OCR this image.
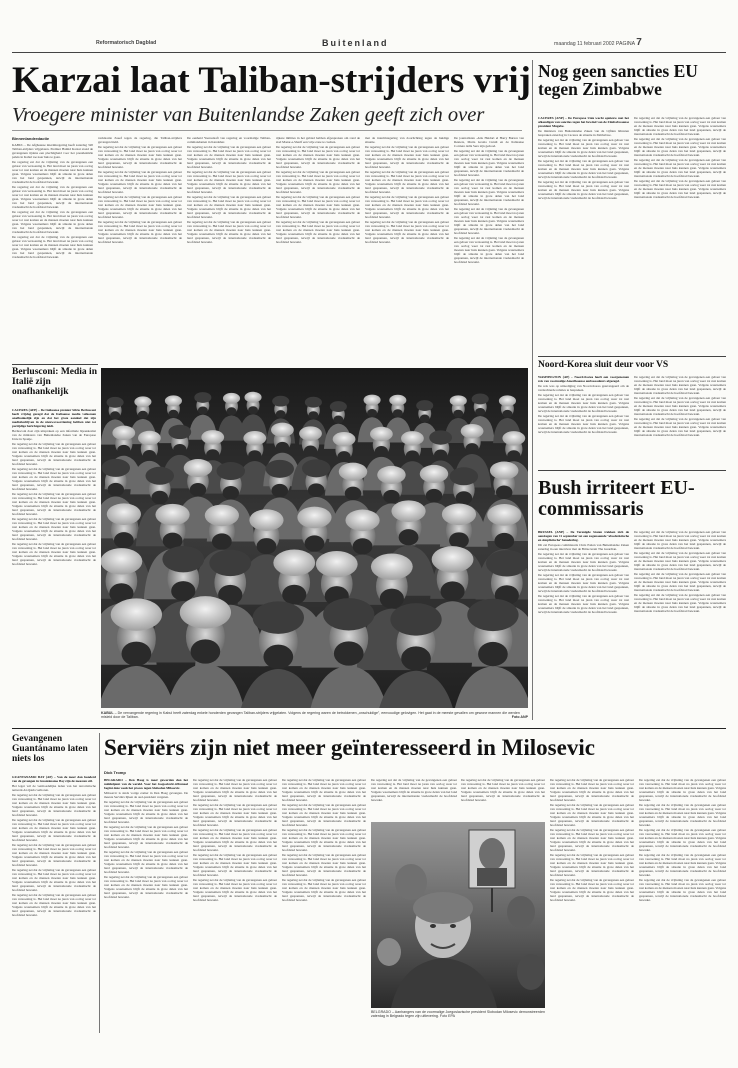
Reformatorisch Dagblad	Buitenland	maandag 11 februari 2002 PAGINA 7
Karzai laat Taliban-strijders vrij
Vroegere minister van Buitenlandse Zaken geeft zich over
Binnenlandredactie

KABUL – De Afghaanse interimregering heeft zaterdag 320 Taliban-strijders vrijgelaten. Premier Hamid Karzai stond de gevangenen tijdens een plechtigheid voor het presidentiële paleis in Kabul toe naar huis te gaan.

De regering zei dat de vrijlating van de gevangenen een gebaar van verzoening is. Het land moet na jaren van oorlog weer tot rust komen en de mensen moeten naar huis kunnen gaan. Volgens waarnemers blijft de situatie in grote delen van het land gespannen, terwijl de internationale vredesmacht de hoofdstad bewaakt.

De regering zei dat de vrijlating van de gevangenen een gebaar van verzoening is. Het land moet na jaren van oorlog weer tot rust komen en de mensen moeten naar huis kunnen gaan. Volgens waarnemers blijft de situatie in grote delen van het land gespannen, terwijl de internationale vredesmacht de hoofdstad bewaakt.

De regering zei dat de vrijlating van de gevangenen een gebaar van verzoening is. Het land moet na jaren van oorlog weer tot rust komen en de mensen moeten naar huis kunnen gaan. Volgens waarnemers blijft de situatie in grote delen van het land gespannen, terwijl de internationale vredesmacht de hoofdstad bewaakt.

De regering zei dat de vrijlating van de gevangenen een gebaar van verzoening is. Het land moet na jaren van oorlog weer tot rust komen en de mensen moeten naar huis kunnen gaan. Volgens waarnemers blijft de situatie in grote delen van het land gespannen, terwijl de internationale vredesmacht de hoofdstad bewaakt.

verklaarde Zaeef tegen de regering, die Taliban-strijders gevangen hield.

De regering zei dat de vrijlating van de gevangenen een gebaar van verzoening is. Het land moet na jaren van oorlog weer tot rust komen en de mensen moeten naar huis kunnen gaan. Volgens waarnemers blijft de situatie in grote delen van het land gespannen, terwijl de internationale vredesmacht de hoofdstad bewaakt.

De regering zei dat de vrijlating van de gevangenen een gebaar van verzoening is. Het land moet na jaren van oorlog weer tot rust komen en de mensen moeten naar huis kunnen gaan. Volgens waarnemers blijft de situatie in grote delen van het land gespannen, terwijl de internationale vredesmacht de hoofdstad bewaakt.

De regering zei dat de vrijlating van de gevangenen een gebaar van verzoening is. Het land moet na jaren van oorlog weer tot rust komen en de mensen moeten naar huis kunnen gaan. Volgens waarnemers blijft de situatie in grote delen van het land gespannen, terwijl de internationale vredesmacht de hoofdstad bewaakt.

De regering zei dat de vrijlating van de gevangenen een gebaar van verzoening is. Het land moet na jaren van oorlog weer tot rust komen en de mensen moeten naar huis kunnen gaan. Volgens waarnemers blijft de situatie in grote delen van het land gespannen, terwijl de internationale vredesmacht de hoofdstad bewaakt.

De eenheid Yaarsalaaft van regering en voormalige Taliban-commandanten in Kandahar.

De regering zei dat de vrijlating van de gevangenen een gebaar van verzoening is. Het land moet na jaren van oorlog weer tot rust komen en de mensen moeten naar huis kunnen gaan. Volgens waarnemers blijft de situatie in grote delen van het land gespannen, terwijl de internationale vredesmacht de hoofdstad bewaakt.

De regering zei dat de vrijlating van de gevangenen een gebaar van verzoening is. Het land moet na jaren van oorlog weer tot rust komen en de mensen moeten naar huis kunnen gaan. Volgens waarnemers blijft de situatie in grote delen van het land gespannen, terwijl de internationale vredesmacht de hoofdstad bewaakt.

De regering zei dat de vrijlating van de gevangenen een gebaar van verzoening is. Het land moet na jaren van oorlog weer tot rust komen en de mensen moeten naar huis kunnen gaan. Volgens waarnemers blijft de situatie in grote delen van het land gespannen, terwijl de internationale vredesmacht de hoofdstad bewaakt.

De regering zei dat de vrijlating van de gevangenen een gebaar van verzoening is. Het land moet na jaren van oorlog weer tot rust komen en de mensen moeten naar huis kunnen gaan. Volgens waarnemers blijft de situatie in grote delen van het land gespannen, terwijl de internationale vredesmacht de hoofdstad bewaakt.

rijkere milities in het gebied hebben afgesproken om rond de stad Mazar-e-Sharif een vrije zone te creëren.

De regering zei dat de vrijlating van de gevangenen een gebaar van verzoening is. Het land moet na jaren van oorlog weer tot rust komen en de mensen moeten naar huis kunnen gaan. Volgens waarnemers blijft de situatie in grote delen van het land gespannen, terwijl de internationale vredesmacht de hoofdstad bewaakt.

De regering zei dat de vrijlating van de gevangenen een gebaar van verzoening is. Het land moet na jaren van oorlog weer tot rust komen en de mensen moeten naar huis kunnen gaan. Volgens waarnemers blijft de situatie in grote delen van het land gespannen, terwijl de internationale vredesmacht de hoofdstad bewaakt.

De regering zei dat de vrijlating van de gevangenen een gebaar van verzoening is. Het land moet na jaren van oorlog weer tot rust komen en de mensen moeten naar huis kunnen gaan. Volgens waarnemers blijft de situatie in grote delen van het land gespannen, terwijl de internationale vredesmacht de hoofdstad bewaakt.

De regering zei dat de vrijlating van de gevangenen een gebaar van verzoening is. Het land moet na jaren van oorlog weer tot rust komen en de mensen moeten naar huis kunnen gaan. Volgens waarnemers blijft de situatie in grote delen van het land gespannen, terwijl de internationale vredesmacht de hoofdstad bewaakt.

met de interimregering van doorlichting tegen de huidige situatie.

De regering zei dat de vrijlating van de gevangenen een gebaar van verzoening is. Het land moet na jaren van oorlog weer tot rust komen en de mensen moeten naar huis kunnen gaan. Volgens waarnemers blijft de situatie in grote delen van het land gespannen, terwijl de internationale vredesmacht de hoofdstad bewaakt.

De regering zei dat de vrijlating van de gevangenen een gebaar van verzoening is. Het land moet na jaren van oorlog weer tot rust komen en de mensen moeten naar huis kunnen gaan. Volgens waarnemers blijft de situatie in grote delen van het land gespannen, terwijl de internationale vredesmacht de hoofdstad bewaakt.

De regering zei dat de vrijlating van de gevangenen een gebaar van verzoening is. Het land moet na jaren van oorlog weer tot rust komen en de mensen moeten naar huis kunnen gaan. Volgens waarnemers blijft de situatie in grote delen van het land gespannen, terwijl de internationale vredesmacht de hoofdstad bewaakt.

De regering zei dat de vrijlating van de gevangenen een gebaar van verzoening is. Het land moet na jaren van oorlog weer tot rust komen en de mensen moeten naar huis kunnen gaan. Volgens waarnemers blijft de situatie in grote delen van het land gespannen, terwijl de internationale vredesmacht de hoofdstad bewaakt.

De journalisten -Attu Haidari el Harry Burton van Reuters, Maria Grazia Cutuli en de Italiaanse Corriere della Sera zijn gedood.

De regering zei dat de vrijlating van de gevangenen een gebaar van verzoening is. Het land moet na jaren van oorlog weer tot rust komen en de mensen moeten naar huis kunnen gaan. Volgens waarnemers blijft de situatie in grote delen van het land gespannen, terwijl de internationale vredesmacht de hoofdstad bewaakt.

De regering zei dat de vrijlating van de gevangenen een gebaar van verzoening is. Het land moet na jaren van oorlog weer tot rust komen en de mensen moeten naar huis kunnen gaan. Volgens waarnemers blijft de situatie in grote delen van het land gespannen, terwijl de internationale vredesmacht de hoofdstad bewaakt.

De regering zei dat de vrijlating van de gevangenen een gebaar van verzoening is. Het land moet na jaren van oorlog weer tot rust komen en de mensen moeten naar huis kunnen gaan. Volgens waarnemers blijft de situatie in grote delen van het land gespannen, terwijl de internationale vredesmacht de hoofdstad bewaakt.

De regering zei dat de vrijlating van de gevangenen een gebaar van verzoening is. Het land moet na jaren van oorlog weer tot rust komen en de mensen moeten naar huis kunnen gaan. Volgens waarnemers blijft de situatie in grote delen van het land gespannen, terwijl de internationale vredesmacht de hoofdstad bewaakt.

Nog geen sancties EU tegen Zimbabwe

CACERES (ANP) – De Europese Unie wacht opnieuw met het afkondigen van sancties tegen het bewind van de Zimbabwaanse president Mugabe.

De ministers van Buitenlandse Zaken van de vijftien lidstaten bespraken zaterdag in Caceres de situatie in Zimbabwe.

De regering zei dat de vrijlating van de gevangenen een gebaar van verzoening is. Het land moet na jaren van oorlog weer tot rust komen en de mensen moeten naar huis kunnen gaan. Volgens waarnemers blijft de situatie in grote delen van het land gespannen, terwijl de internationale vredesmacht de hoofdstad bewaakt.

De regering zei dat de vrijlating van de gevangenen een gebaar van verzoening is. Het land moet na jaren van oorlog weer tot rust komen en de mensen moeten naar huis kunnen gaan. Volgens waarnemers blijft de situatie in grote delen van het land gespannen, terwijl de internationale vredesmacht de hoofdstad bewaakt.

De regering zei dat de vrijlating van de gevangenen een gebaar van verzoening is. Het land moet na jaren van oorlog weer tot rust komen en de mensen moeten naar huis kunnen gaan. Volgens waarnemers blijft de situatie in grote delen van het land gespannen, terwijl de internationale vredesmacht de hoofdstad bewaakt.

De regering zei dat de vrijlating van de gevangenen een gebaar van verzoening is. Het land moet na jaren van oorlog weer tot rust komen en de mensen moeten naar huis kunnen gaan. Volgens waarnemers blijft de situatie in grote delen van het land gespannen, terwijl de internationale vredesmacht de hoofdstad bewaakt.

De regering zei dat de vrijlating van de gevangenen een gebaar van verzoening is. Het land moet na jaren van oorlog weer tot rust komen en de mensen moeten naar huis kunnen gaan. Volgens waarnemers blijft de situatie in grote delen van het land gespannen, terwijl de internationale vredesmacht de hoofdstad bewaakt.

De regering zei dat de vrijlating van de gevangenen een gebaar van verzoening is. Het land moet na jaren van oorlog weer tot rust komen en de mensen moeten naar huis kunnen gaan. Volgens waarnemers blijft de situatie in grote delen van het land gespannen, terwijl de internationale vredesmacht de hoofdstad bewaakt.

De regering zei dat de vrijlating van de gevangenen een gebaar van verzoening is. Het land moet na jaren van oorlog weer tot rust komen en de mensen moeten naar huis kunnen gaan. Volgens waarnemers blijft de situatie in grote delen van het land gespannen, terwijl de internationale vredesmacht de hoofdstad bewaakt.

Noord-Korea sluit deur voor VS

WASHINGTON (AP) – Noord-Korea heeft een voorgenomen reis van voormalige Amerikaanse ambassadeurs afgezegd.

De reis was op uitnodiging van Noord-Korea gearrangeerd om de verslechterde relaties te bespreken.

De regering zei dat de vrijlating van de gevangenen een gebaar van verzoening is. Het land moet na jaren van oorlog weer tot rust komen en de mensen moeten naar huis kunnen gaan. Volgens waarnemers blijft de situatie in grote delen van het land gespannen, terwijl de internationale vredesmacht de hoofdstad bewaakt.

De regering zei dat de vrijlating van de gevangenen een gebaar van verzoening is. Het land moet na jaren van oorlog weer tot rust komen en de mensen moeten naar huis kunnen gaan. Volgens waarnemers blijft de situatie in grote delen van het land gespannen, terwijl de internationale vredesmacht de hoofdstad bewaakt.

De regering zei dat de vrijlating van de gevangenen een gebaar van verzoening is. Het land moet na jaren van oorlog weer tot rust komen en de mensen moeten naar huis kunnen gaan. Volgens waarnemers blijft de situatie in grote delen van het land gespannen, terwijl de internationale vredesmacht de hoofdstad bewaakt.

De regering zei dat de vrijlating van de gevangenen een gebaar van verzoening is. Het land moet na jaren van oorlog weer tot rust komen en de mensen moeten naar huis kunnen gaan. Volgens waarnemers blijft de situatie in grote delen van het land gespannen, terwijl de internationale vredesmacht de hoofdstad bewaakt.

De regering zei dat de vrijlating van de gevangenen een gebaar van verzoening is. Het land moet na jaren van oorlog weer tot rust komen en de mensen moeten naar huis kunnen gaan. Volgens waarnemers blijft de situatie in grote delen van het land gespannen, terwijl de internationale vredesmacht de hoofdstad bewaakt.

Bush irriteert EU-commissaris

BRUSSEL (ANP) – De Verenigde Staten trekken zich de aanslagen van 11 september tot een zogenaamde ‘absolutistische en simplistische’ benadering.

Dit zei Europees commissaris Chris Patten van Buitenlandse Zaken zaterdag in een interview met de Britse krant The Guardian.

De regering zei dat de vrijlating van de gevangenen een gebaar van verzoening is. Het land moet na jaren van oorlog weer tot rust komen en de mensen moeten naar huis kunnen gaan. Volgens waarnemers blijft de situatie in grote delen van het land gespannen, terwijl de internationale vredesmacht de hoofdstad bewaakt.

De regering zei dat de vrijlating van de gevangenen een gebaar van verzoening is. Het land moet na jaren van oorlog weer tot rust komen en de mensen moeten naar huis kunnen gaan. Volgens waarnemers blijft de situatie in grote delen van het land gespannen, terwijl de internationale vredesmacht de hoofdstad bewaakt.

De regering zei dat de vrijlating van de gevangenen een gebaar van verzoening is. Het land moet na jaren van oorlog weer tot rust komen en de mensen moeten naar huis kunnen gaan. Volgens waarnemers blijft de situatie in grote delen van het land gespannen, terwijl de internationale vredesmacht de hoofdstad bewaakt.

De regering zei dat de vrijlating van de gevangenen een gebaar van verzoening is. Het land moet na jaren van oorlog weer tot rust komen en de mensen moeten naar huis kunnen gaan. Volgens waarnemers blijft de situatie in grote delen van het land gespannen, terwijl de internationale vredesmacht de hoofdstad bewaakt.

De regering zei dat de vrijlating van de gevangenen een gebaar van verzoening is. Het land moet na jaren van oorlog weer tot rust komen en de mensen moeten naar huis kunnen gaan. Volgens waarnemers blijft de situatie in grote delen van het land gespannen, terwijl de internationale vredesmacht de hoofdstad bewaakt.

De regering zei dat de vrijlating van de gevangenen een gebaar van verzoening is. Het land moet na jaren van oorlog weer tot rust komen en de mensen moeten naar huis kunnen gaan. Volgens waarnemers blijft de situatie in grote delen van het land gespannen, terwijl de internationale vredesmacht de hoofdstad bewaakt.

De regering zei dat de vrijlating van de gevangenen een gebaar van verzoening is. Het land moet na jaren van oorlog weer tot rust komen en de mensen moeten naar huis kunnen gaan. Volgens waarnemers blijft de situatie in grote delen van het land gespannen, terwijl de internationale vredesmacht de hoofdstad bewaakt.

Berlusconi: Media in Italië zijn onafhankelijk

CACERES (AFP) – De Italiaanse premier Silvio Berlusconi heeft vrijdag gezegd dat de Italiaanse media volkomen onafhankelijk zijn en dat het grote aandeel dat zijn mediabedrijven in de nieuwsvoorziening hebben niet tot partijdige berichtgeving leidt.

Berlusconi doet zijn uitspraken op een informele bijeenkomst van de ministers van Buitenlandse Zaken van de Europese Unie in Spanje.

De regering zei dat de vrijlating van de gevangenen een gebaar van verzoening is. Het land moet na jaren van oorlog weer tot rust komen en de mensen moeten naar huis kunnen gaan. Volgens waarnemers blijft de situatie in grote delen van het land gespannen, terwijl de internationale vredesmacht de hoofdstad bewaakt.

De regering zei dat de vrijlating van de gevangenen een gebaar van verzoening is. Het land moet na jaren van oorlog weer tot rust komen en de mensen moeten naar huis kunnen gaan. Volgens waarnemers blijft de situatie in grote delen van het land gespannen, terwijl de internationale vredesmacht de hoofdstad bewaakt.

De regering zei dat de vrijlating van de gevangenen een gebaar van verzoening is. Het land moet na jaren van oorlog weer tot rust komen en de mensen moeten naar huis kunnen gaan. Volgens waarnemers blijft de situatie in grote delen van het land gespannen, terwijl de internationale vredesmacht de hoofdstad bewaakt.

De regering zei dat de vrijlating van de gevangenen een gebaar van verzoening is. Het land moet na jaren van oorlog weer tot rust komen en de mensen moeten naar huis kunnen gaan. Volgens waarnemers blijft de situatie in grote delen van het land gespannen, terwijl de internationale vredesmacht de hoofdstad bewaakt.

De regering zei dat de vrijlating van de gevangenen een gebaar van verzoening is. Het land moet na jaren van oorlog weer tot rust komen en de mensen moeten naar huis kunnen gaan. Volgens waarnemers blijft de situatie in grote delen van het land gespannen, terwijl de internationale vredesmacht de hoofdstad bewaakt.

KABUL – De vervangende regering in Kabul heeft zaterdag enkele honderden gevangen Taliban-strijders vrijgelaten. Volgens de regering waren de betrokkenen „onschuldige”, eenvoudige gelovigen. Het gaat in de meeste gevallen om gewone mannen die werden misleid door de Taliban.	Foto ANP
Gevangenen Guantánamo laten niets los

GUANTANAMO BAY (AP) – Van de meer dan honderd van de gevangen in Guantánamo Bay zijn de meesten stil.

Het leger wil de vermoedelijke leden van het terroristische netwerk Al-Qaida verhoren.

De regering zei dat de vrijlating van de gevangenen een gebaar van verzoening is. Het land moet na jaren van oorlog weer tot rust komen en de mensen moeten naar huis kunnen gaan. Volgens waarnemers blijft de situatie in grote delen van het land gespannen, terwijl de internationale vredesmacht de hoofdstad bewaakt.

De regering zei dat de vrijlating van de gevangenen een gebaar van verzoening is. Het land moet na jaren van oorlog weer tot rust komen en de mensen moeten naar huis kunnen gaan. Volgens waarnemers blijft de situatie in grote delen van het land gespannen, terwijl de internationale vredesmacht de hoofdstad bewaakt.

De regering zei dat de vrijlating van de gevangenen een gebaar van verzoening is. Het land moet na jaren van oorlog weer tot rust komen en de mensen moeten naar huis kunnen gaan. Volgens waarnemers blijft de situatie in grote delen van het land gespannen, terwijl de internationale vredesmacht de hoofdstad bewaakt.

De regering zei dat de vrijlating van de gevangenen een gebaar van verzoening is. Het land moet na jaren van oorlog weer tot rust komen en de mensen moeten naar huis kunnen gaan. Volgens waarnemers blijft de situatie in grote delen van het land gespannen, terwijl de internationale vredesmacht de hoofdstad bewaakt.

De regering zei dat de vrijlating van de gevangenen een gebaar van verzoening is. Het land moet na jaren van oorlog weer tot rust komen en de mensen moeten naar huis kunnen gaan. Volgens waarnemers blijft de situatie in grote delen van het land gespannen, terwijl de internationale vredesmacht de hoofdstad bewaakt.

Serviërs zijn niet meer geïnteresseerd in Milosevic
Dick Tromp

BELGRADO – Den Haag is meer geworden dan het middelpunt van de wereld. Voor het Joegoslavië-tribunaal begint deze week het proces tegen Slobodan Milosevic.

Milosevic is sinds vorige zomer in Den Haag gevangen. De meeste Serviërs lijken de oud-president vergeten.

De regering zei dat de vrijlating van de gevangenen een gebaar van verzoening is. Het land moet na jaren van oorlog weer tot rust komen en de mensen moeten naar huis kunnen gaan. Volgens waarnemers blijft de situatie in grote delen van het land gespannen, terwijl de internationale vredesmacht de hoofdstad bewaakt.

De regering zei dat de vrijlating van de gevangenen een gebaar van verzoening is. Het land moet na jaren van oorlog weer tot rust komen en de mensen moeten naar huis kunnen gaan. Volgens waarnemers blijft de situatie in grote delen van het land gespannen, terwijl de internationale vredesmacht de hoofdstad bewaakt.

De regering zei dat de vrijlating van de gevangenen een gebaar van verzoening is. Het land moet na jaren van oorlog weer tot rust komen en de mensen moeten naar huis kunnen gaan. Volgens waarnemers blijft de situatie in grote delen van het land gespannen, terwijl de internationale vredesmacht de hoofdstad bewaakt.

De regering zei dat de vrijlating van de gevangenen een gebaar van verzoening is. Het land moet na jaren van oorlog weer tot rust komen en de mensen moeten naar huis kunnen gaan. Volgens waarnemers blijft de situatie in grote delen van het land gespannen, terwijl de internationale vredesmacht de hoofdstad bewaakt.

De regering zei dat de vrijlating van de gevangenen een gebaar van verzoening is. Het land moet na jaren van oorlog weer tot rust komen en de mensen moeten naar huis kunnen gaan. Volgens waarnemers blijft de situatie in grote delen van het land gespannen, terwijl de internationale vredesmacht de hoofdstad bewaakt.

De regering zei dat de vrijlating van de gevangenen een gebaar van verzoening is. Het land moet na jaren van oorlog weer tot rust komen en de mensen moeten naar huis kunnen gaan. Volgens waarnemers blijft de situatie in grote delen van het land gespannen, terwijl de internationale vredesmacht de hoofdstad bewaakt.

De regering zei dat de vrijlating van de gevangenen een gebaar van verzoening is. Het land moet na jaren van oorlog weer tot rust komen en de mensen moeten naar huis kunnen gaan. Volgens waarnemers blijft de situatie in grote delen van het land gespannen, terwijl de internationale vredesmacht de hoofdstad bewaakt.

De regering zei dat de vrijlating van de gevangenen een gebaar van verzoening is. Het land moet na jaren van oorlog weer tot rust komen en de mensen moeten naar huis kunnen gaan. Volgens waarnemers blijft de situatie in grote delen van het land gespannen, terwijl de internationale vredesmacht de hoofdstad bewaakt.

De regering zei dat de vrijlating van de gevangenen een gebaar van verzoening is. Het land moet na jaren van oorlog weer tot rust komen en de mensen moeten naar huis kunnen gaan. Volgens waarnemers blijft de situatie in grote delen van het land gespannen, terwijl de internationale vredesmacht de hoofdstad bewaakt.

De regering zei dat de vrijlating van de gevangenen een gebaar van verzoening is. Het land moet na jaren van oorlog weer tot rust komen en de mensen moeten naar huis kunnen gaan. Volgens waarnemers blijft de situatie in grote delen van het land gespannen, terwijl de internationale vredesmacht de hoofdstad bewaakt.

De regering zei dat de vrijlating van de gevangenen een gebaar van verzoening is. Het land moet na jaren van oorlog weer tot rust komen en de mensen moeten naar huis kunnen gaan. Volgens waarnemers blijft de situatie in grote delen van het land gespannen, terwijl de internationale vredesmacht de hoofdstad bewaakt.

De regering zei dat de vrijlating van de gevangenen een gebaar van verzoening is. Het land moet na jaren van oorlog weer tot rust komen en de mensen moeten naar huis kunnen gaan. Volgens waarnemers blijft de situatie in grote delen van het land gespannen, terwijl de internationale vredesmacht de hoofdstad bewaakt.

De regering zei dat de vrijlating van de gevangenen een gebaar van verzoening is. Het land moet na jaren van oorlog weer tot rust komen en de mensen moeten naar huis kunnen gaan. Volgens waarnemers blijft de situatie in grote delen van het land gespannen, terwijl de internationale vredesmacht de hoofdstad bewaakt.

De regering zei dat de vrijlating van de gevangenen een gebaar van verzoening is. Het land moet na jaren van oorlog weer tot rust komen en de mensen moeten naar huis kunnen gaan. Volgens waarnemers blijft de situatie in grote delen van het land gespannen, terwijl de internationale vredesmacht de hoofdstad bewaakt.

De regering zei dat de vrijlating van de gevangenen een gebaar van verzoening is. Het land moet na jaren van oorlog weer tot rust komen en de mensen moeten naar huis kunnen gaan. Volgens waarnemers blijft de situatie in grote delen van het land gespannen, terwijl de internationale vredesmacht de hoofdstad bewaakt.

De regering zei dat de vrijlating van de gevangenen een gebaar van verzoening is. Het land moet na jaren van oorlog weer tot rust komen en de mensen moeten naar huis kunnen gaan. Volgens waarnemers blijft de situatie in grote delen van het land gespannen, terwijl de internationale vredesmacht de hoofdstad bewaakt.

BELGRADO – Aanhangers van de voormalige Joegoslavische president Slobodan Milosevic demonstreerden zaterdag in Belgrado tegen zijn uitlevering. Foto EPA

De regering zei dat de vrijlating van de gevangenen een gebaar van verzoening is. Het land moet na jaren van oorlog weer tot rust komen en de mensen moeten naar huis kunnen gaan. Volgens waarnemers blijft de situatie in grote delen van het land gespannen, terwijl de internationale vredesmacht de hoofdstad bewaakt.

De regering zei dat de vrijlating van de gevangenen een gebaar van verzoening is. Het land moet na jaren van oorlog weer tot rust komen en de mensen moeten naar huis kunnen gaan. Volgens waarnemers blijft de situatie in grote delen van het land gespannen, terwijl de internationale vredesmacht de hoofdstad bewaakt.

De regering zei dat de vrijlating van de gevangenen een gebaar van verzoening is. Het land moet na jaren van oorlog weer tot rust komen en de mensen moeten naar huis kunnen gaan. Volgens waarnemers blijft de situatie in grote delen van het land gespannen, terwijl de internationale vredesmacht de hoofdstad bewaakt.

De regering zei dat de vrijlating van de gevangenen een gebaar van verzoening is. Het land moet na jaren van oorlog weer tot rust komen en de mensen moeten naar huis kunnen gaan. Volgens waarnemers blijft de situatie in grote delen van het land gespannen, terwijl de internationale vredesmacht de hoofdstad bewaakt.

De regering zei dat de vrijlating van de gevangenen een gebaar van verzoening is. Het land moet na jaren van oorlog weer tot rust komen en de mensen moeten naar huis kunnen gaan. Volgens waarnemers blijft de situatie in grote delen van het land gespannen, terwijl de internationale vredesmacht de hoofdstad bewaakt.

De regering zei dat de vrijlating van de gevangenen een gebaar van verzoening is. Het land moet na jaren van oorlog weer tot rust komen en de mensen moeten naar huis kunnen gaan. Volgens waarnemers blijft de situatie in grote delen van het land gespannen, terwijl de internationale vredesmacht de hoofdstad bewaakt.

De regering zei dat de vrijlating van de gevangenen een gebaar van verzoening is. Het land moet na jaren van oorlog weer tot rust komen en de mensen moeten naar huis kunnen gaan. Volgens waarnemers blijft de situatie in grote delen van het land gespannen, terwijl de internationale vredesmacht de hoofdstad bewaakt.

De regering zei dat de vrijlating van de gevangenen een gebaar van verzoening is. Het land moet na jaren van oorlog weer tot rust komen en de mensen moeten naar huis kunnen gaan. Volgens waarnemers blijft de situatie in grote delen van het land gespannen, terwijl de internationale vredesmacht de hoofdstad bewaakt.

De regering zei dat de vrijlating van de gevangenen een gebaar van verzoening is. Het land moet na jaren van oorlog weer tot rust komen en de mensen moeten naar huis kunnen gaan. Volgens waarnemers blijft de situatie in grote delen van het land gespannen, terwijl de internationale vredesmacht de hoofdstad bewaakt.

De regering zei dat de vrijlating van de gevangenen een gebaar van verzoening is. Het land moet na jaren van oorlog weer tot rust komen en de mensen moeten naar huis kunnen gaan. Volgens waarnemers blijft de situatie in grote delen van het land gespannen, terwijl de internationale vredesmacht de hoofdstad bewaakt.
